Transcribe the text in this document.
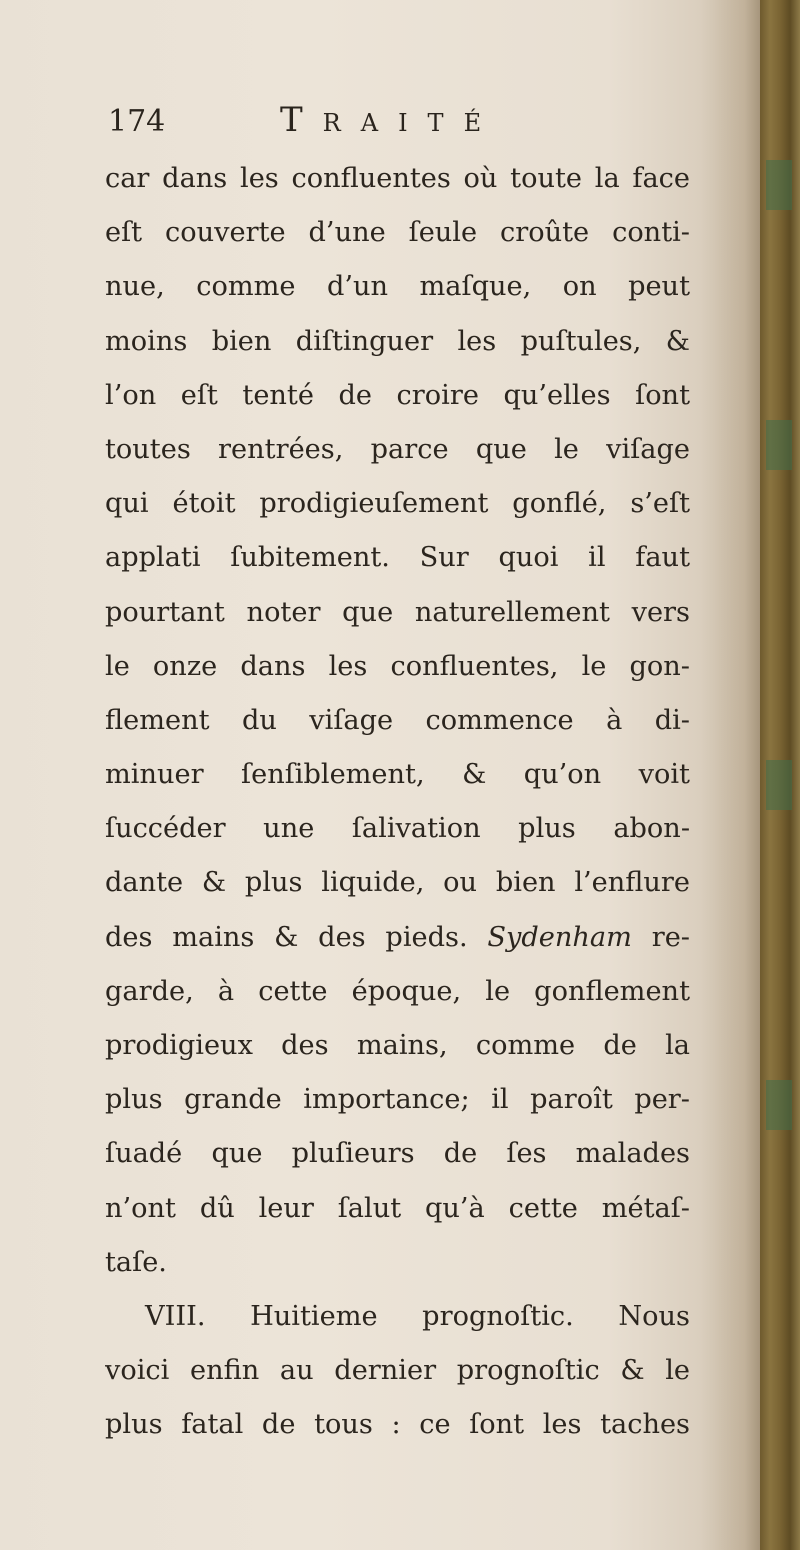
174	Traité
car dans les confluentes où toute la face
eſt couverte d’une ſeule croûte conti-
nue, comme d’un maſque, on peut
moins bien diſtinguer les puſtules, &
l’on eſt tenté de croire qu’elles ſont
toutes rentrées, parce que le viſage
qui étoit prodigieuſement gonflé, s’eſt
applati ſubitement. Sur quoi il faut
pourtant noter que naturellement vers
le onze dans les confluentes, le gon-
flement du viſage commence à di-
minuer ſenſiblement, & qu’on voit
ſuccéder une ſalivation plus abon-
dante & plus liquide, ou bien l’enflure
des mains & des pieds. Sydenham re-
garde, à cette époque, le gonflement
prodigieux des mains, comme de la
plus grande importance; il paroît per-
ſuadé que pluſieurs de ſes malades
n’ont dû leur ſalut qu’à cette métaſ-
taſe.
VIII. Huitieme prognoſtic. Nous
voici enfin au dernier prognoſtic & le
plus fatal de tous : ce ſont les taches
